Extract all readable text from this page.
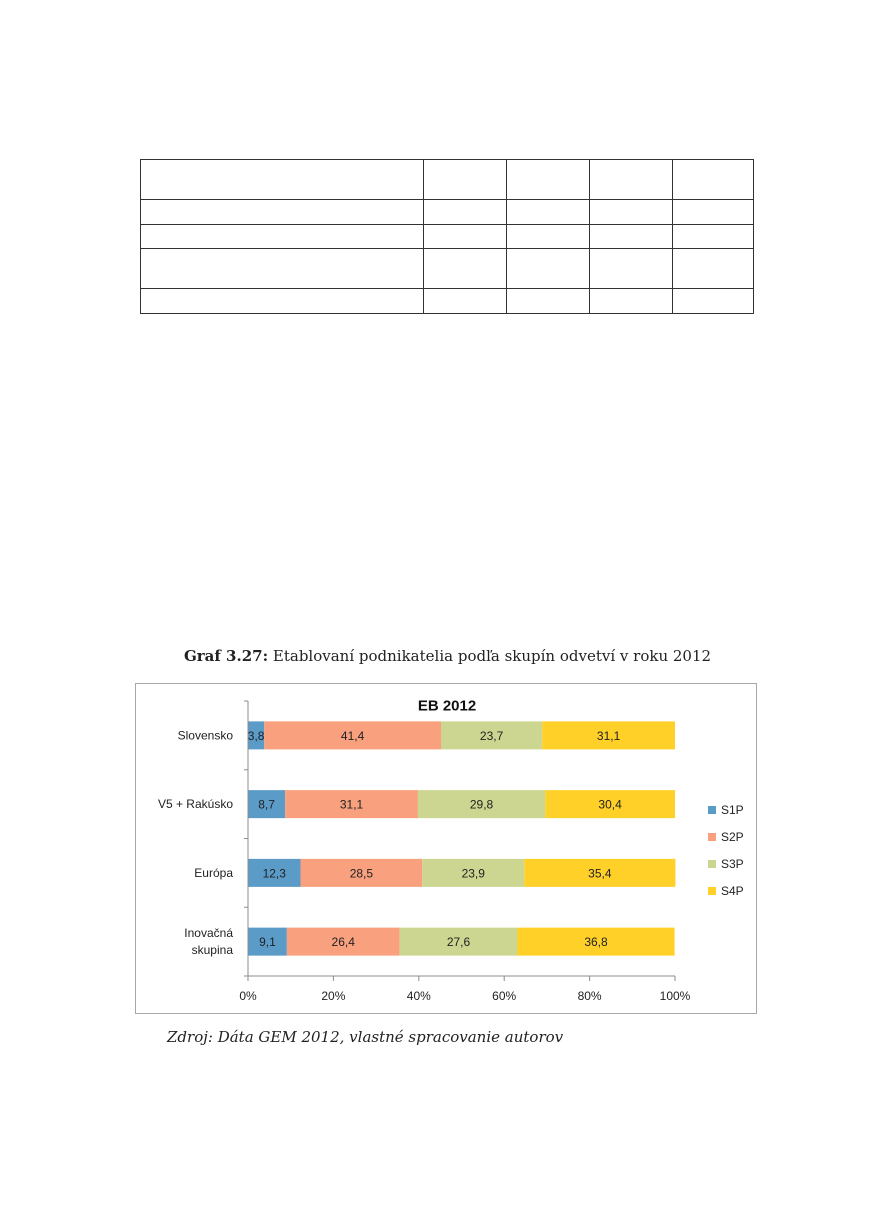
Graf 3.27: Etablovaní podnikatelia podľa skupín odvetví v roku 2012
EB 2012
3,8	41,4	23,7	31,1
Slovensko
8,7	31,1	29,8	30,4
V5 + Rakúsko
12,3	28,5	23,9	35,4
Európa
9,1	26,4	27,6	36,8
Inovačná
skupina
0%	20%	40%	60%	80%	100%
S1P
S2P
S3P
S4P
Zdroj: Dáta GEM 2012, vlastné spracovanie autorov
